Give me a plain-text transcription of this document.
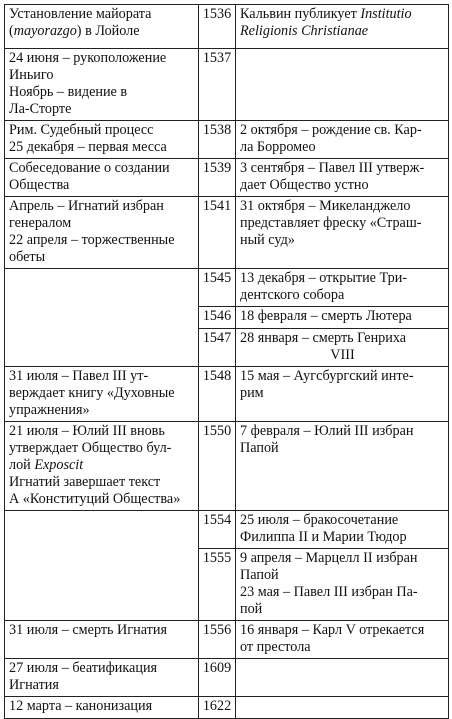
Установление майората
(mayorazgo) в Лойоле	1536	Кальвин публикует Institutio
Religionis Christianae

24 июня – рукоположение
Иньиго
Ноябрь – видение в
Ла-Сторте	1537	

Рим. Судебный процесс
25 декабря – первая месса	1538	2 октября – рождение св. Кар-
ла Борромео

Собеседование о создании
Общества	1539	3 сентября – Павел III утверж-
дает Общество устно

Апрель – Игнатий избран
генералом
22 апреля – торжественные
обеты	1541	31 октября – Микеланджело
представляет фреску «Страш-
ный суд»

	1545	13 декабря – открытие Три-
дентского собора

	1546	18 февраля – смерть Лютера

	1547	28 января – смерть Генриха
VIII

31 июля – Павел III ут-
верждает книгу «Духовные
упражнения»	1548	15 мая – Аугсбургский инте-
рим

21 июля – Юлий III вновь
утверждает Общество бул-
лой Exposcit
Игнатий завершает текст
А «Конституций Общества»	1550	7 февраля – Юлий III избран
Папой

	1554	25 июля – бракосочетание
Филиппа II и Марии Тюдор

	1555	9 апреля – Марцелл II избран
Папой
23 мая – Павел III избран Па-
пой

31 июля – смерть Игнатия	1556	16 января – Карл V отрекается
от престола

27 июля – беатификация
Игнатия	1609	

12 марта – канонизация	1622	
